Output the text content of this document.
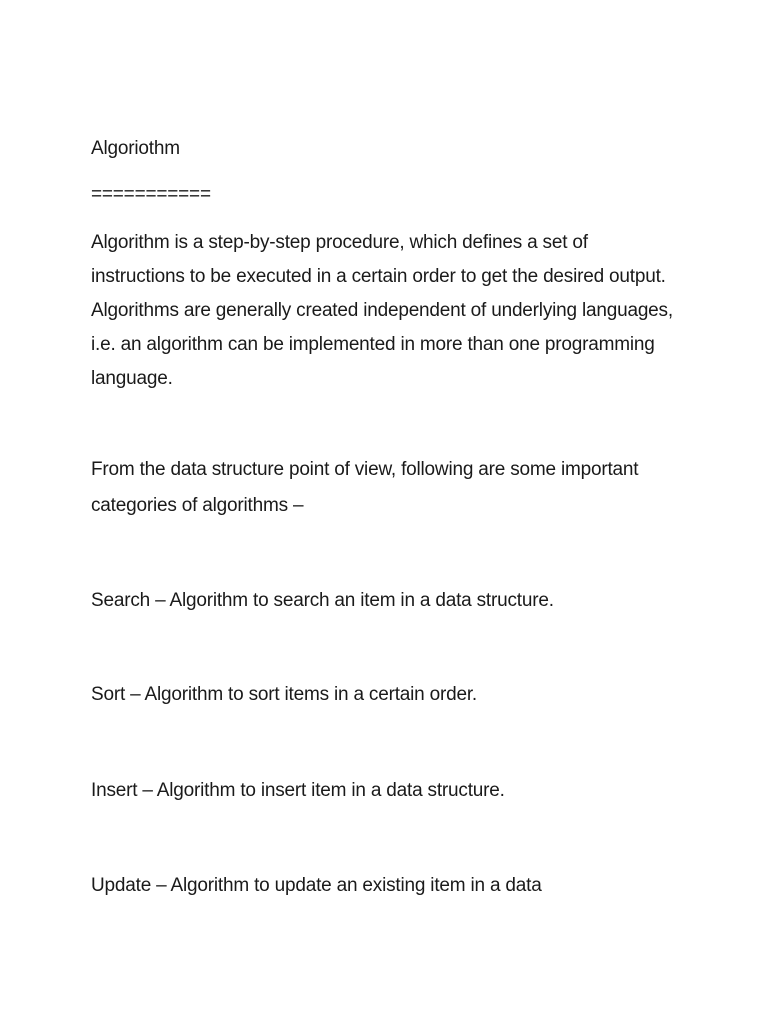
Algoriothm

===========

Algorithm is a step-by-step procedure, which defines a set of instructions to be executed in a certain order to get the desired output. Algorithms are generally created independent of underlying languages, i.e. an algorithm can be implemented in more than one programming language.

From the data structure point of view, following are some important categories of algorithms –

Search – Algorithm to search an item in a data structure.

Sort – Algorithm to sort items in a certain order.

Insert – Algorithm to insert item in a data structure.

Update – Algorithm to update an existing item in a data
